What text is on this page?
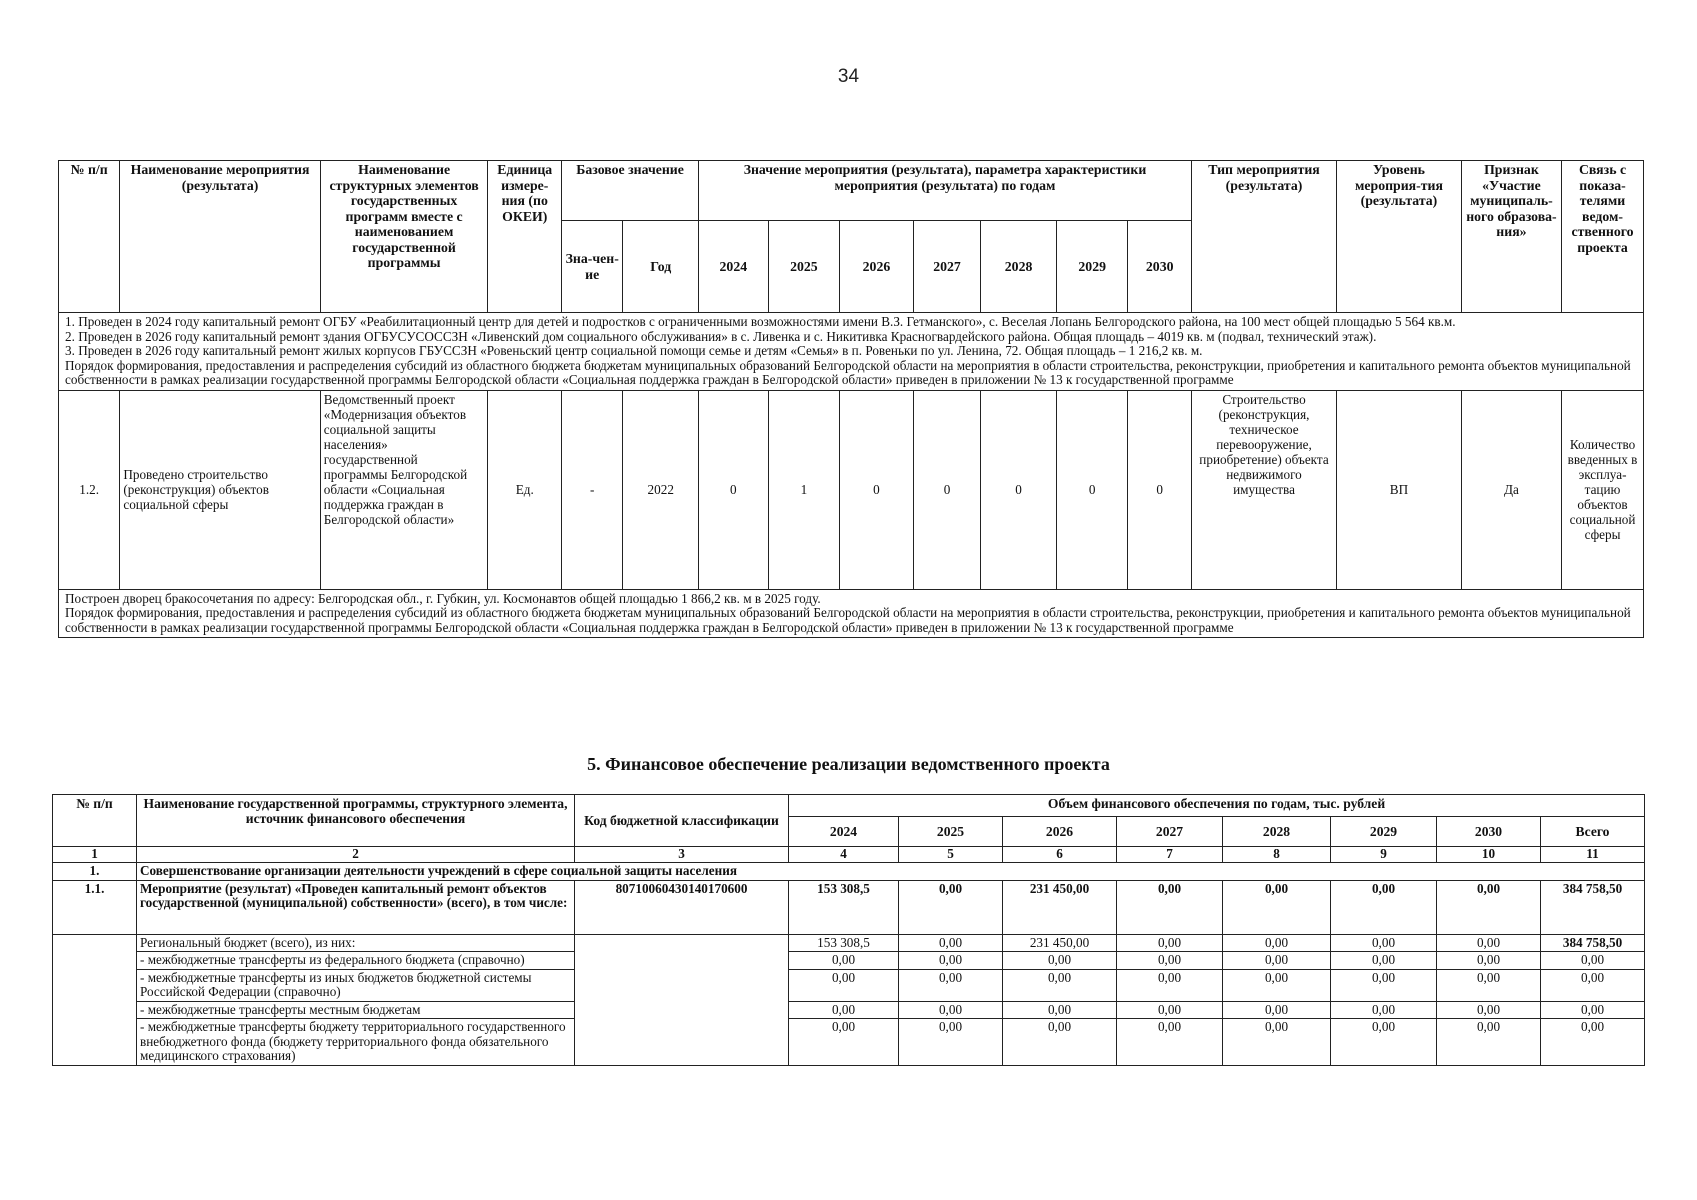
34
№ п/п	Наименование мероприятия (результата)	Наименование структурных элементов государственных программ вместе с наименованием государственной программы	Единица измере-ния (по ОКЕИ)	Базовое значение		Значение мероприятия (результата), параметра характеристики мероприятия (результата) по годам							Тип мероприятия (результата)	Уровень мероприя-тия (результата)	Признак «Участие муниципаль-ного образова-ния»	Связь с показа-телями ведом-ственного проекта
				Зна-чен-ие	Год	2024	2025	2026	2027	2028	2029	2030				

1. Проведен в 2024 году капитальный ремонт ОГБУ «Реабилитационный центр для детей и подростков с ограниченными возможностями имени В.З. Гетманского», с. Веселая Лопань Белгородского района, на 100 мест общей площадью 5 564 кв.м.
2. Проведен в 2026 году капитальный ремонт здания ОГБУСУСОССЗН «Ливенский дом социального обслуживания» в с. Ливенка и с. Никитивка Красногвардейского района. Общая площадь – 4019 кв. м (подвал, технический этаж).
3. Проведен в 2026 году капитальный ремонт жилых корпусов ГБУССЗН «Ровеньский центр социальной помощи семье и детям «Семья» в п. Ровеньки по ул. Ленина, 72. Общая площадь – 1 216,2 кв. м.
Порядок формирования, предоставления и распределения субсидий из областного бюджета бюджетам муниципальных образований Белгородской области на мероприятия в области строительства, реконструкции, приобретения и капитального ремонта объектов муниципальной собственности в рамках реализации государственной программы Белгородской области «Социальная поддержка граждан в Белгородской области» приведен в приложении № 13 к государственной программе																

1.2.	Проведено строительство (реконструкция) объектов социальной сферы	Ведомственный проект «Модернизация объектов социальной защиты населения» государственной программы Белгородской области «Социальная поддержка граждан в Белгородской области»	Ед.	-	2022	0	1	0	0	0	0	0	Строительство (реконструкция, техническое перевооружение, приобретение) объекта недвижимого имущества	ВП	Да	Количество введенных в эксплуа-тацию объектов социальной сферы

Построен дворец бракосочетания по адресу: Белгородская обл., г. Губкин, ул. Космонавтов общей площадью 1 866,2 кв. м в 2025 году.
Порядок формирования, предоставления и распределения субсидий из областного бюджета бюджетам муниципальных образований Белгородской области на мероприятия в области строительства, реконструкции, приобретения и капитального ремонта объектов муниципальной собственности в рамках реализации государственной программы Белгородской области «Социальная поддержка граждан в Белгородской области» приведен в приложении № 13 к государственной программе																
5. Финансовое обеспечение реализации ведомственного проекта
№ п/п	Наименование государственной программы, структурного элемента, источник финансового обеспечения	Код бюджетной классификации	Объем финансового обеспечения по годам, тыс. рублей							
			2024	2025	2026	2027	2028	2029	2030	Всего
1	2	3	4	5	6	7	8	9	10	11
1.	Совершенствование организации деятельности учреждений в сфере социальной защиты населения									
1.1.	Мероприятие (результат) «Проведен капитальный ремонт объектов государственной (муниципальной) собственности» (всего), в том числе:	80710060430140170600	153 308,5	0,00	231 450,00	0,00	0,00	0,00	0,00	384 758,50
	Региональный бюджет (всего), из них:		153 308,5	0,00	231 450,00	0,00	0,00	0,00	0,00	384 758,50
	- межбюджетные трансферты из федерального бюджета (справочно)		0,00	0,00	0,00	0,00	0,00	0,00	0,00	0,00
	- межбюджетные трансферты из иных бюджетов бюджетной системы Российской Федерации (справочно)		0,00	0,00	0,00	0,00	0,00	0,00	0,00	0,00
	- межбюджетные трансферты местным бюджетам		0,00	0,00	0,00	0,00	0,00	0,00	0,00	0,00
	- межбюджетные трансферты бюджету территориального государственного внебюджетного фонда (бюджету территориального фонда обязательного медицинского страхования)		0,00	0,00	0,00	0,00	0,00	0,00	0,00	0,00
